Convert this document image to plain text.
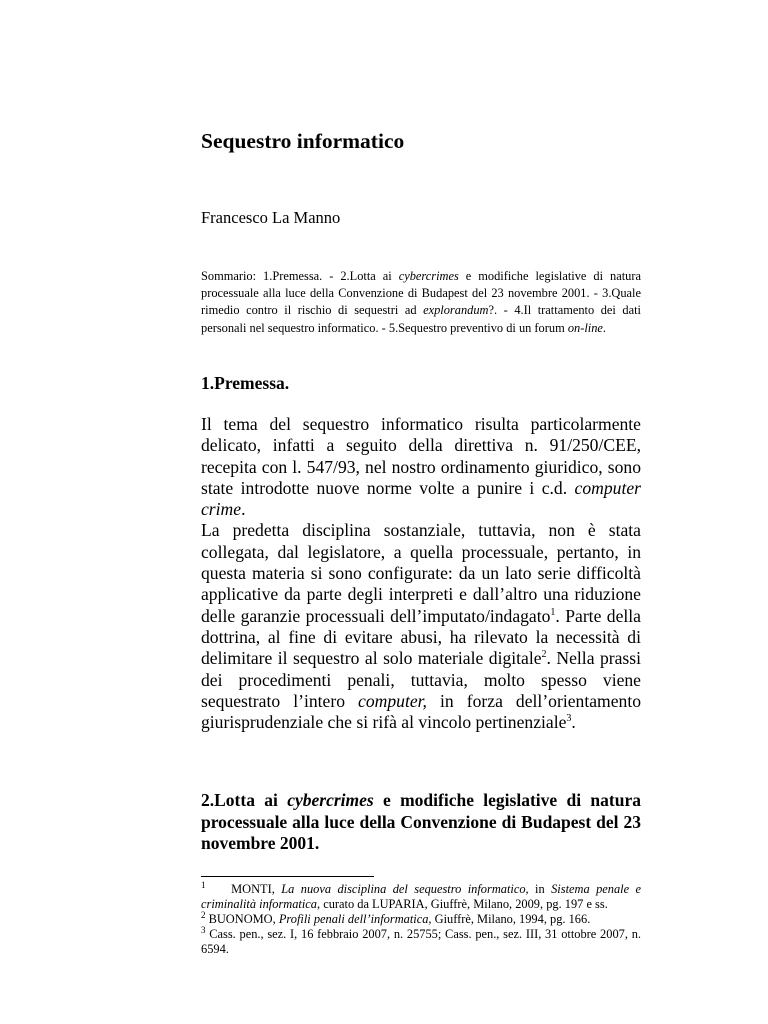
Sequestro informatico
Francesco La Manno

Sommario: 1.Premessa. - 2.Lotta ai cybercrimes e modifiche legislative di natura processuale alla luce della Convenzione di Budapest del 23 novembre 2001. - 3.Quale rimedio contro il rischio di sequestri ad explorandum?. - 4.Il trattamento dei dati personali nel sequestro informatico. - 5.Sequestro preventivo di un forum on-line.

1.Premessa.

Il tema del sequestro informatico risulta particolarmente delicato, infatti a seguito della direttiva n. 91/250/CEE, recepita con l. 547/93, nel nostro ordinamento giuridico, sono state introdotte nuove norme volte a punire i c.d. computer crime.

La predetta disciplina sostanziale, tuttavia, non è stata collegata, dal legislatore, a quella processuale, pertanto, in questa materia si sono configurate: da un lato serie difficoltà applicative da parte degli interpreti e dall’altro una riduzione delle garanzie processuali dell’imputato/indagato$^1$. Parte della dottrina, al fine di evitare abusi, ha rilevato la necessità di delimitare il sequestro al solo materiale digitale$^2$. Nella prassi dei procedimenti penali, tuttavia, molto spesso viene sequestrato l’intero computer, in forza dell’orientamento giurisprudenziale che si rifà al vincolo pertinenziale$^3$.

2.Lotta ai cybercrimes e modifiche legislative di natura processuale alla luce della Convenzione di Budapest del 23 novembre 2001.

$^1$ MONTI, La nuova disciplina del sequestro informatico, in Sistema penale e criminalità informatica, curato da LUPARIA, Giuffrè, Milano, 2009, pg. 197 e ss.

$^2$ BUONOMO, Profili penali dell’informatica, Giuffrè, Milano, 1994, pg. 166.

$^3$ Cass. pen., sez. I, 16 febbraio 2007, n. 25755; Cass. pen., sez. III, 31 ottobre 2007, n. 6594.
